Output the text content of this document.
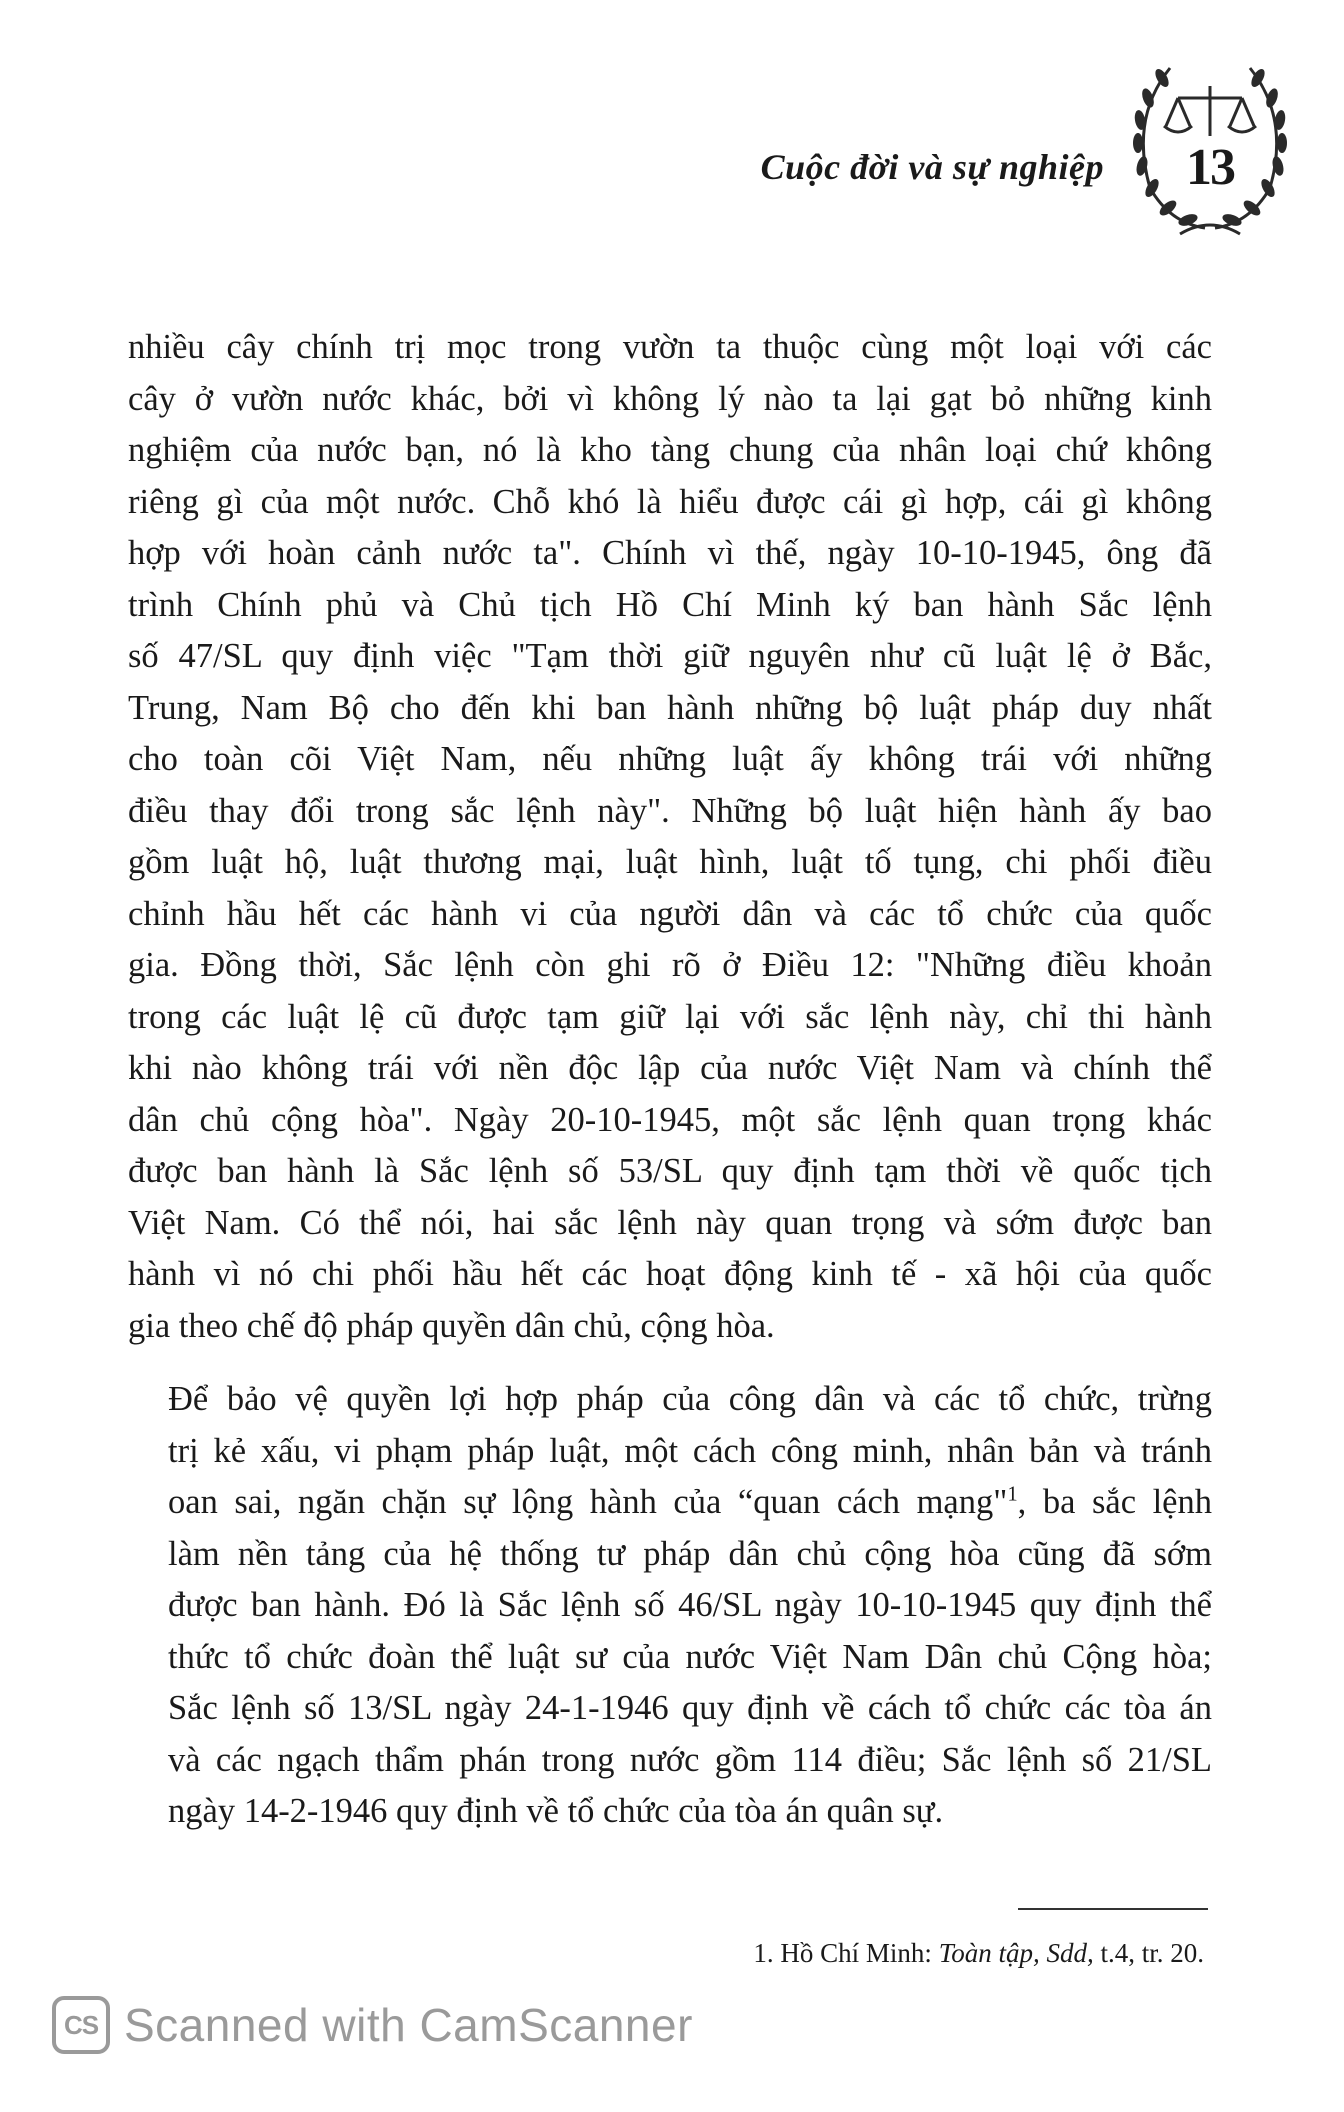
Cuộc đời và sự nghiệp	13

nhiều cây chính trị mọc trong vườn ta thuộc cùng một loại với các
cây ở vườn nước khác, bởi vì không lý nào ta lại gạt bỏ những kinh
nghiệm của nước bạn, nó là kho tàng chung của nhân loại chứ không
riêng gì của một nước. Chỗ khó là hiểu được cái gì hợp, cái gì không
hợp với hoàn cảnh nước ta". Chính vì thế, ngày 10-10-1945, ông đã
trình Chính phủ và Chủ tịch Hồ Chí Minh ký ban hành Sắc lệnh
số 47/SL quy định việc "Tạm thời giữ nguyên như cũ luật lệ ở Bắc,
Trung, Nam Bộ cho đến khi ban hành những bộ luật pháp duy nhất
cho toàn cõi Việt Nam, nếu những luật ấy không trái với những
điều thay đổi trong sắc lệnh này". Những bộ luật hiện hành ấy bao
gồm luật hộ, luật thương mại, luật hình, luật tố tụng, chi phối điều
chỉnh hầu hết các hành vi của người dân và các tổ chức của quốc
gia. Đồng thời, Sắc lệnh còn ghi rõ ở Điều 12: "Những điều khoản
trong các luật lệ cũ được tạm giữ lại với sắc lệnh này, chỉ thi hành
khi nào không trái với nền độc lập của nước Việt Nam và chính thể
dân chủ cộng hòa". Ngày 20-10-1945, một sắc lệnh quan trọng khác
được ban hành là Sắc lệnh số 53/SL quy định tạm thời về quốc tịch
Việt Nam. Có thể nói, hai sắc lệnh này quan trọng và sớm được ban
hành vì nó chi phối hầu hết các hoạt động kinh tế - xã hội của quốc
gia theo chế độ pháp quyền dân chủ, cộng hòa.

Để bảo vệ quyền lợi hợp pháp của công dân và các tổ chức, trừng
trị kẻ xấu, vi phạm pháp luật, một cách công minh, nhân bản và tránh
oan sai, ngăn chặn sự lộng hành của “quan cách mạng"$^1$, ba sắc lệnh
làm nền tảng của hệ thống tư pháp dân chủ cộng hòa cũng đã sớm
được ban hành. Đó là Sắc lệnh số 46/SL ngày 10-10-1945 quy định thể
thức tổ chức đoàn thể luật sư của nước Việt Nam Dân chủ Cộng hòa;
Sắc lệnh số 13/SL ngày 24-1-1946 quy định về cách tổ chức các tòa án
và các ngạch thẩm phán trong nước gồm 114 điều; Sắc lệnh số 21/SL
ngày 14-2-1946 quy định về tổ chức của tòa án quân sự.

1. Hồ Chí Minh: Toàn tập, Sdd, t.4, tr. 20.
CS Scanned with CamScanner
